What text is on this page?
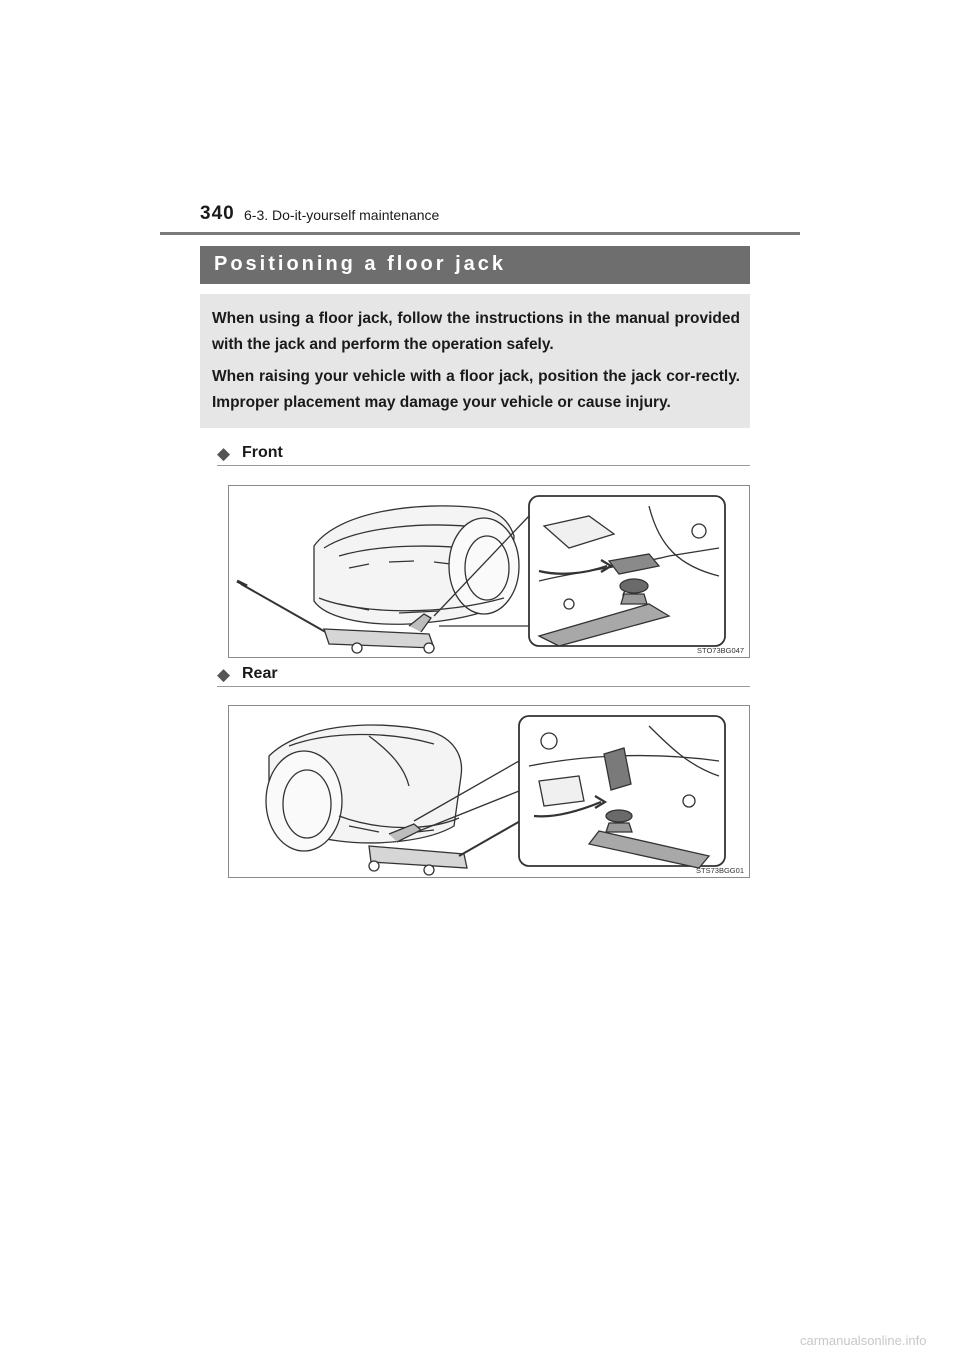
340 6-3. Do-it-yourself maintenance
Positioning a floor jack

When using a floor jack, follow the instructions in the manual provided with the jack and perform the operation safely.

When raising your vehicle with a floor jack, position the jack cor-rectly. Improper placement may damage your vehicle or cause injury.

◆ Front
STO73BG047
◆ Rear
STS73BGG01
carmanualsonline.info
